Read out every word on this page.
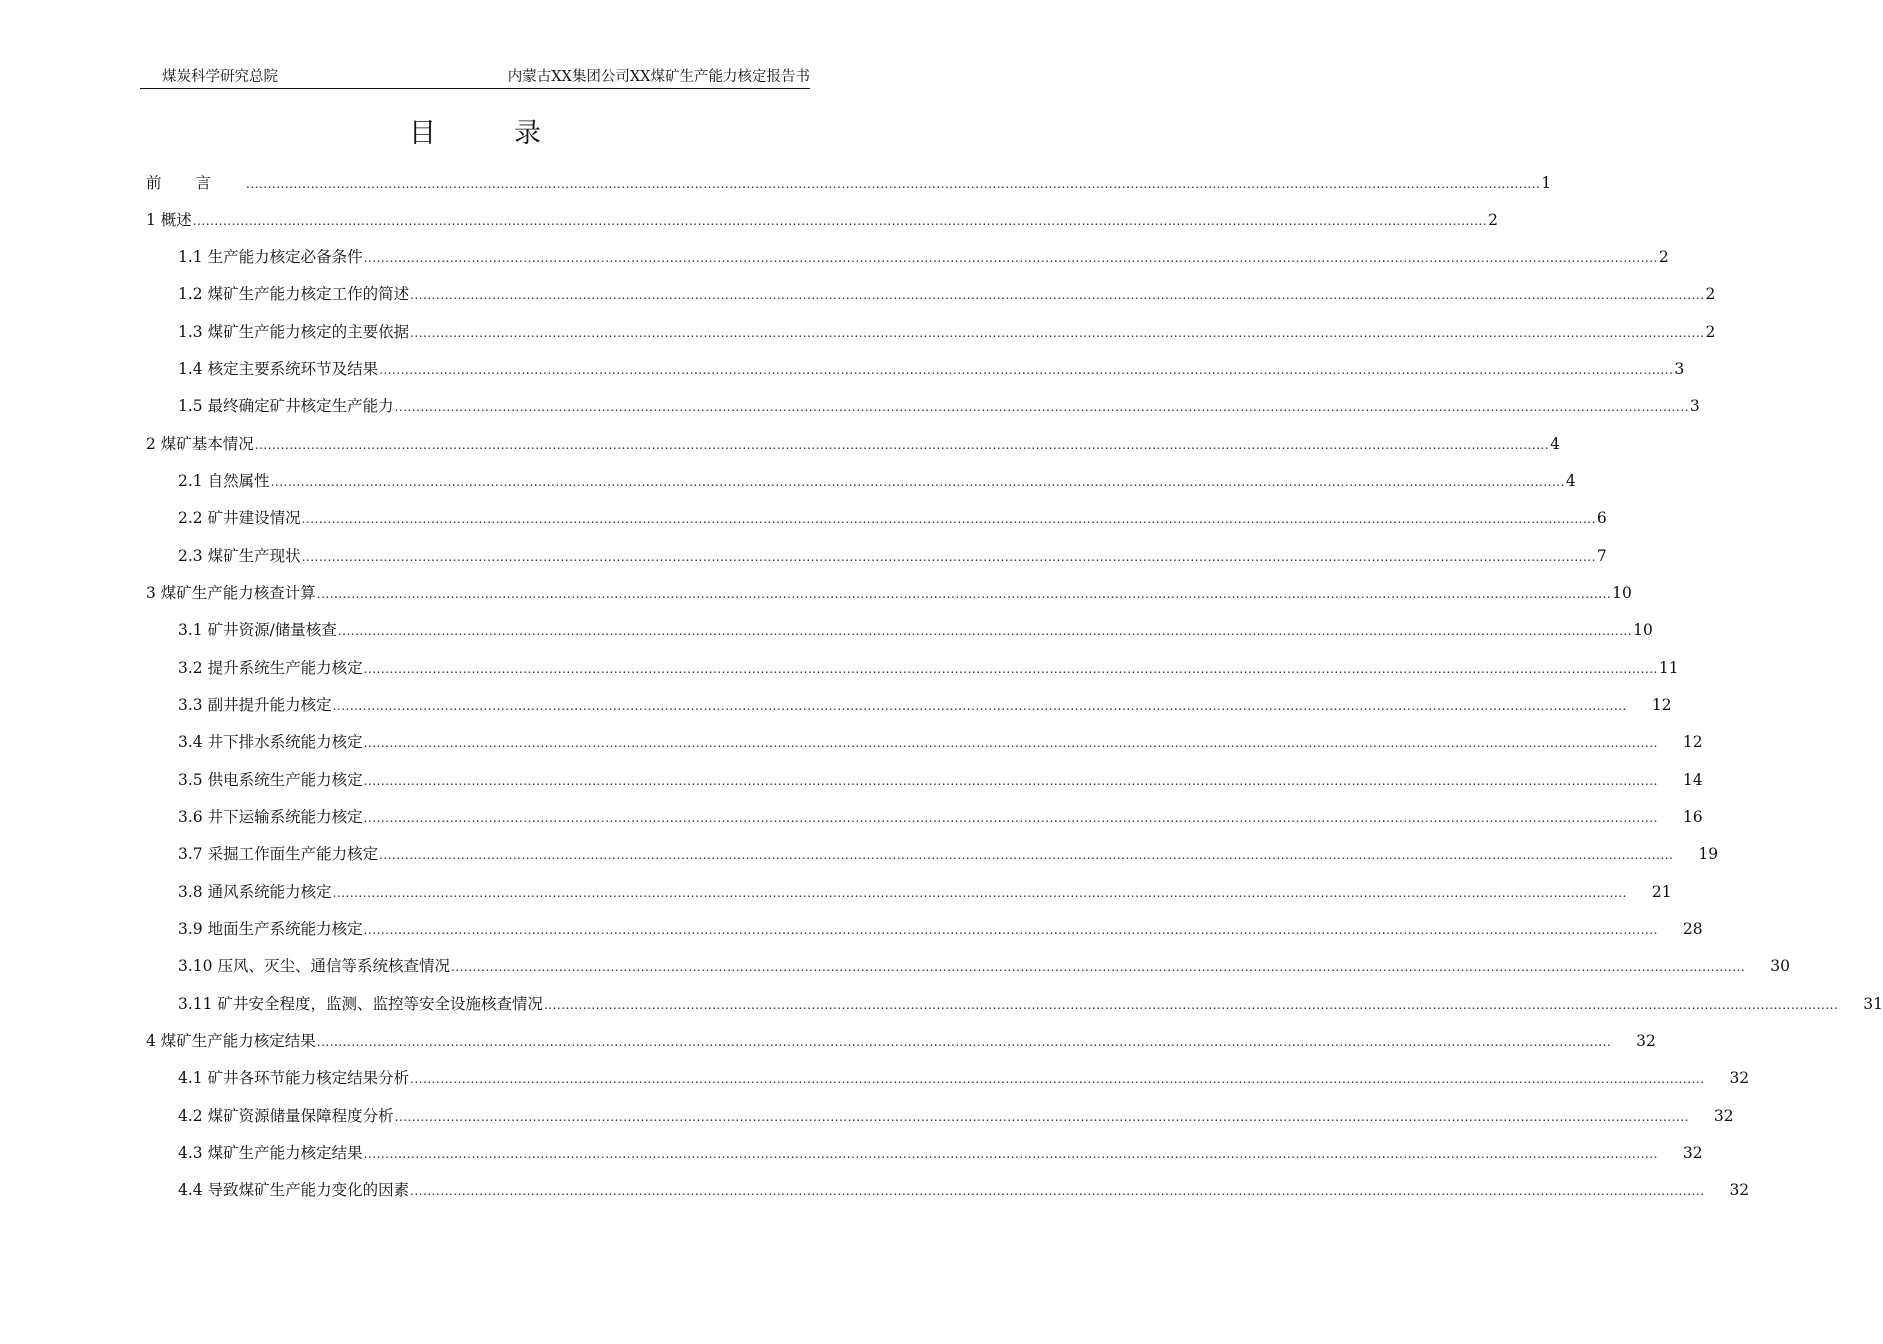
煤炭科学研究总院	内蒙古XX集团公司XX煤矿生产能力核定报告书
目录
前言 ............................................................................................................................................................................................................................................................................................................ 1
1 概述 ............................................................................................................................................................................................................................................................................................................ 2
1.1 生产能力核定必备条件 ............................................................................................................................................................................................................................................................................................................ 2
1.2 煤矿生产能力核定工作的简述 ............................................................................................................................................................................................................................................................................................................ 2
1.3 煤矿生产能力核定的主要依据 ............................................................................................................................................................................................................................................................................................................ 2
1.4 核定主要系统环节及结果 ............................................................................................................................................................................................................................................................................................................ 3
1.5 最终确定矿井核定生产能力 ............................................................................................................................................................................................................................................................................................................ 3
2 煤矿基本情况 ............................................................................................................................................................................................................................................................................................................ 4
2.1 自然属性 ............................................................................................................................................................................................................................................................................................................ 4
2.2 矿井建设情况 ............................................................................................................................................................................................................................................................................................................ 6
2.3 煤矿生产现状 ............................................................................................................................................................................................................................................................................................................ 7
3 煤矿生产能力核查计算 ............................................................................................................................................................................................................................................................................................................ 10
3.1 矿井资源/储量核查 ............................................................................................................................................................................................................................................................................................................ 10
3.2 提升系统生产能力核定 ............................................................................................................................................................................................................................................................................................................ 11
3.3 副井提升能力核定 ............................................................................................................................................................................................................................................................................................................ 12
3.4 井下排水系统能力核定 ............................................................................................................................................................................................................................................................................................................ 12
3.5 供电系统生产能力核定 ............................................................................................................................................................................................................................................................................................................ 14
3.6 井下运输系统能力核定 ............................................................................................................................................................................................................................................................................................................ 16
3.7 采掘工作面生产能力核定 ............................................................................................................................................................................................................................................................................................................ 19
3.8 通风系统能力核定 ............................................................................................................................................................................................................................................................................................................ 21
3.9 地面生产系统能力核定 ............................................................................................................................................................................................................................................................................................................ 28
3.10 压风、灭尘、通信等系统核查情况 ............................................................................................................................................................................................................................................................................................................ 30
3.11 矿井安全程度，监测、监控等安全设施核查情况 ............................................................................................................................................................................................................................................................................................................ 31
4 煤矿生产能力核定结果 ............................................................................................................................................................................................................................................................................................................ 32
4.1 矿井各环节能力核定结果分析 ............................................................................................................................................................................................................................................................................................................ 32
4.2 煤矿资源储量保障程度分析 ............................................................................................................................................................................................................................................................................................................ 32
4.3 煤矿生产能力核定结果 ............................................................................................................................................................................................................................................................................................................ 32
4.4 导致煤矿生产能力变化的因素 ............................................................................................................................................................................................................................................................................................................ 32
